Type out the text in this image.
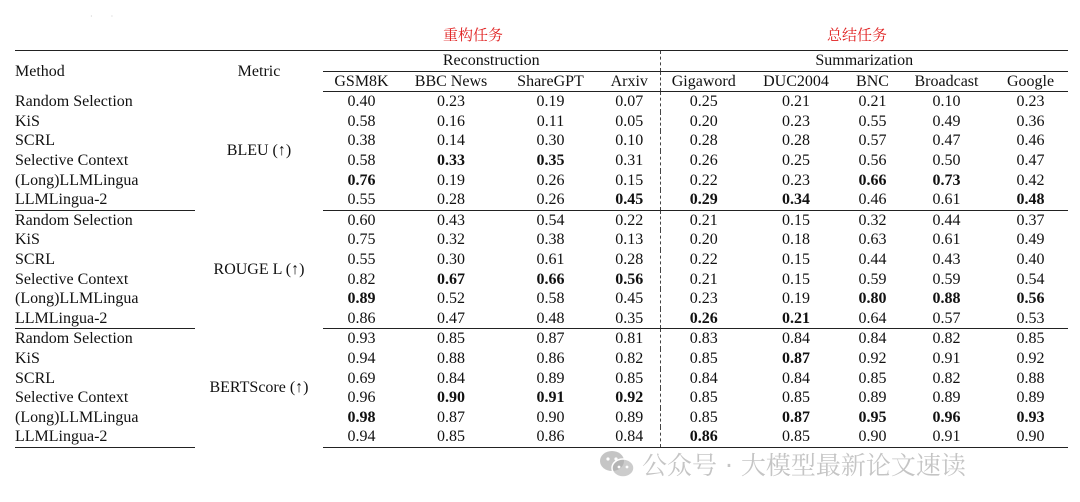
· ·
重构任务	总结任务
Method	Metric	Reconstruction				Summarization				
		GSM8K	BBC News	ShareGPT	Arxiv	Gigaword	DUC2004	BNC	Broadcast	Google
Random Selection	BLEU (↑)	0.40	0.23	0.19	0.07	0.25	0.21	0.21	0.10	0.23
KiS		0.58	0.16	0.11	0.05	0.20	0.23	0.55	0.49	0.36
SCRL		0.38	0.14	0.30	0.10	0.28	0.28	0.57	0.47	0.46
Selective Context		0.58	0.33	0.35	0.31	0.26	0.25	0.56	0.50	0.47
(Long)LLMLingua		0.76	0.19	0.26	0.15	0.22	0.23	0.66	0.73	0.42
LLMLingua-2		0.55	0.28	0.26	0.45	0.29	0.34	0.46	0.61	0.48
Random Selection	ROUGE L (↑)	0.60	0.43	0.54	0.22	0.21	0.15	0.32	0.44	0.37
KiS		0.75	0.32	0.38	0.13	0.20	0.18	0.63	0.61	0.49
SCRL		0.55	0.30	0.61	0.28	0.22	0.15	0.44	0.43	0.40
Selective Context		0.82	0.67	0.66	0.56	0.21	0.15	0.59	0.59	0.54
(Long)LLMLingua		0.89	0.52	0.58	0.45	0.23	0.19	0.80	0.88	0.56
LLMLingua-2		0.86	0.47	0.48	0.35	0.26	0.21	0.64	0.57	0.53
Random Selection	BERTScore (↑)	0.93	0.85	0.87	0.81	0.83	0.84	0.84	0.82	0.85
KiS		0.94	0.88	0.86	0.82	0.85	0.87	0.92	0.91	0.92
SCRL		0.69	0.84	0.89	0.85	0.84	0.84	0.85	0.82	0.88
Selective Context		0.96	0.90	0.91	0.92	0.85	0.85	0.89	0.89	0.89
(Long)LLMLingua		0.98	0.87	0.90	0.89	0.85	0.87	0.95	0.96	0.93
LLMLingua-2		0.94	0.85	0.86	0.84	0.86	0.85	0.90	0.91	0.90
公众号 · 大模型最新论文速读
